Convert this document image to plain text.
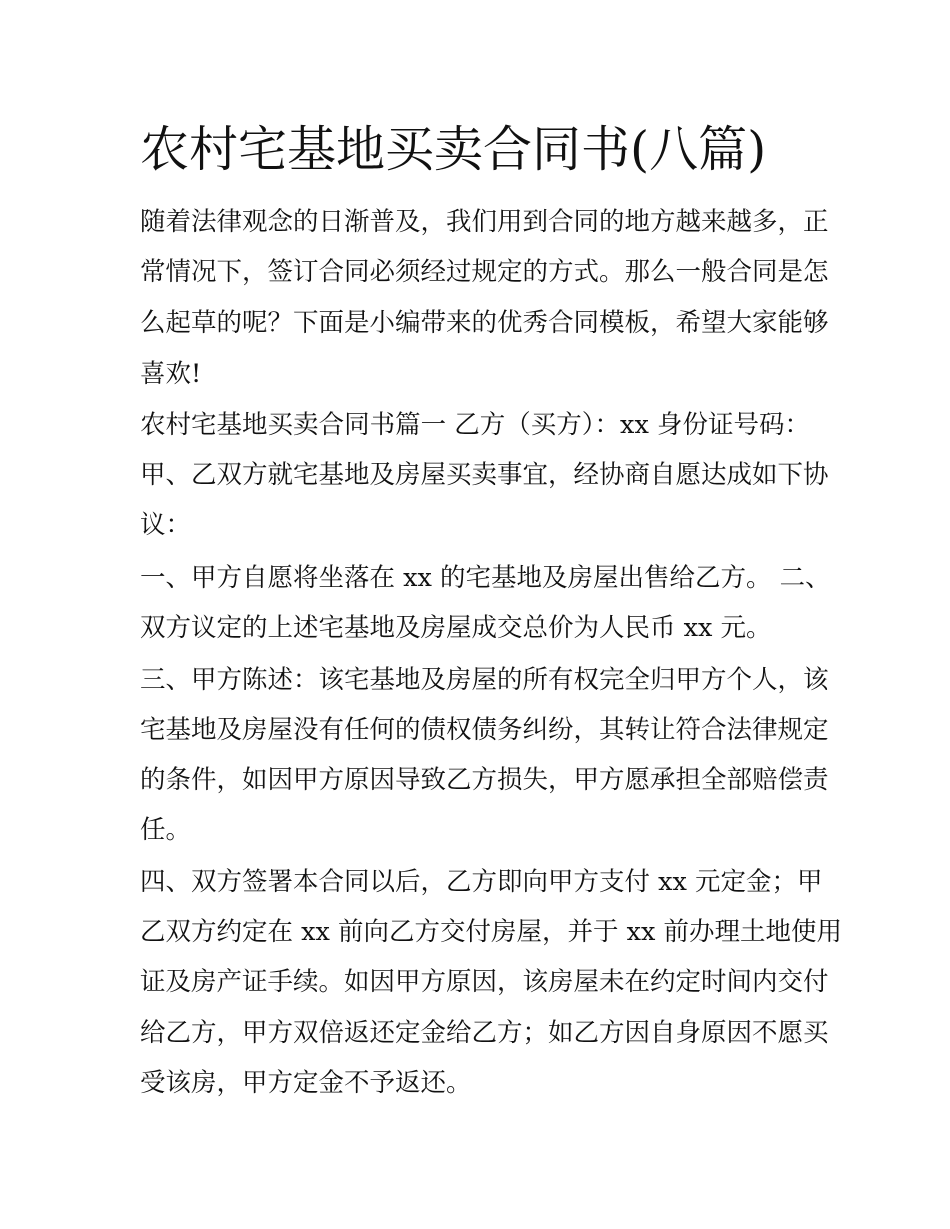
农村宅基地买卖合同书(八篇)
随着法律观念的日渐普及，我们用到合同的地方越来越多，正
常情况下，签订合同必须经过规定的方式。那么一般合同是怎
么起草的呢？下面是小编带来的优秀合同模板，希望大家能够
喜欢!
农村宅基地买卖合同书篇一 乙方（买方）：xx 身份证号码：
甲、乙双方就宅基地及房屋买卖事宜，经协商自愿达成如下协
议：
一、甲方自愿将坐落在 xx 的宅基地及房屋出售给乙方。 二、
双方议定的上述宅基地及房屋成交总价为人民币 xx 元。
三、甲方陈述：该宅基地及房屋的所有权完全归甲方个人，该
宅基地及房屋没有任何的债权债务纠纷，其转让符合法律规定
的条件，如因甲方原因导致乙方损失，甲方愿承担全部赔偿责
任。
四、双方签署本合同以后，乙方即向甲方支付 xx 元定金；甲
乙双方约定在 xx 前向乙方交付房屋，并于 xx 前办理土地使用
证及房产证手续。如因甲方原因，该房屋未在约定时间内交付
给乙方，甲方双倍返还定金给乙方；如乙方因自身原因不愿买
受该房，甲方定金不予返还。
